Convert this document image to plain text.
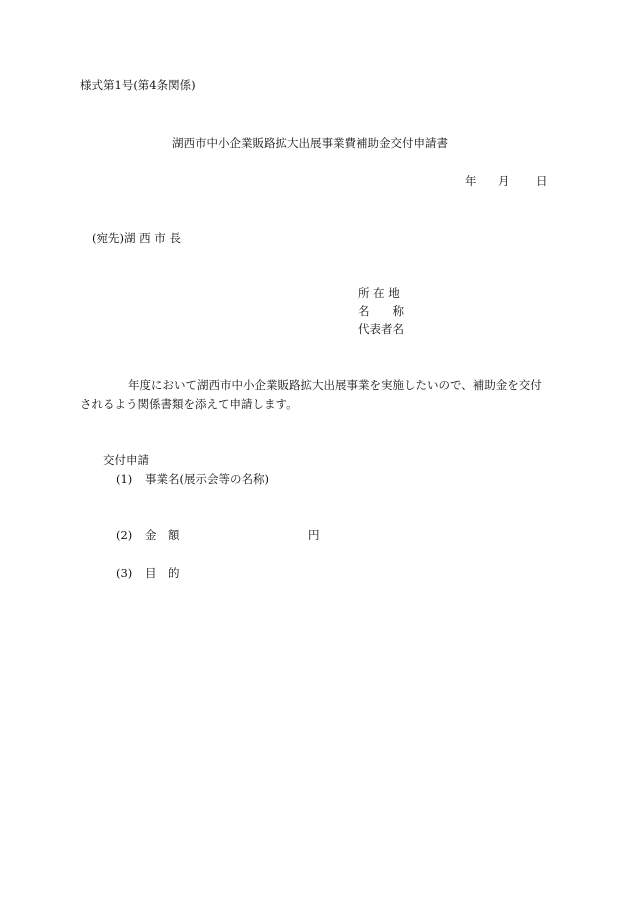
様式第1号(第4条関係)
湖西市中小企業販路拡大出展事業費補助金交付申請書
年 月 日
(宛先)湖 西 市 長
所 在 地
名　　称
代表者名
年度において湖西市中小企業販路拡大出展事業を実施したいので、補助金を交付
されるよう関係書類を添えて申請します。
交付申請
(1) 事業名(展示会等の名称)
(2) 金　額	円
(3) 目　的
